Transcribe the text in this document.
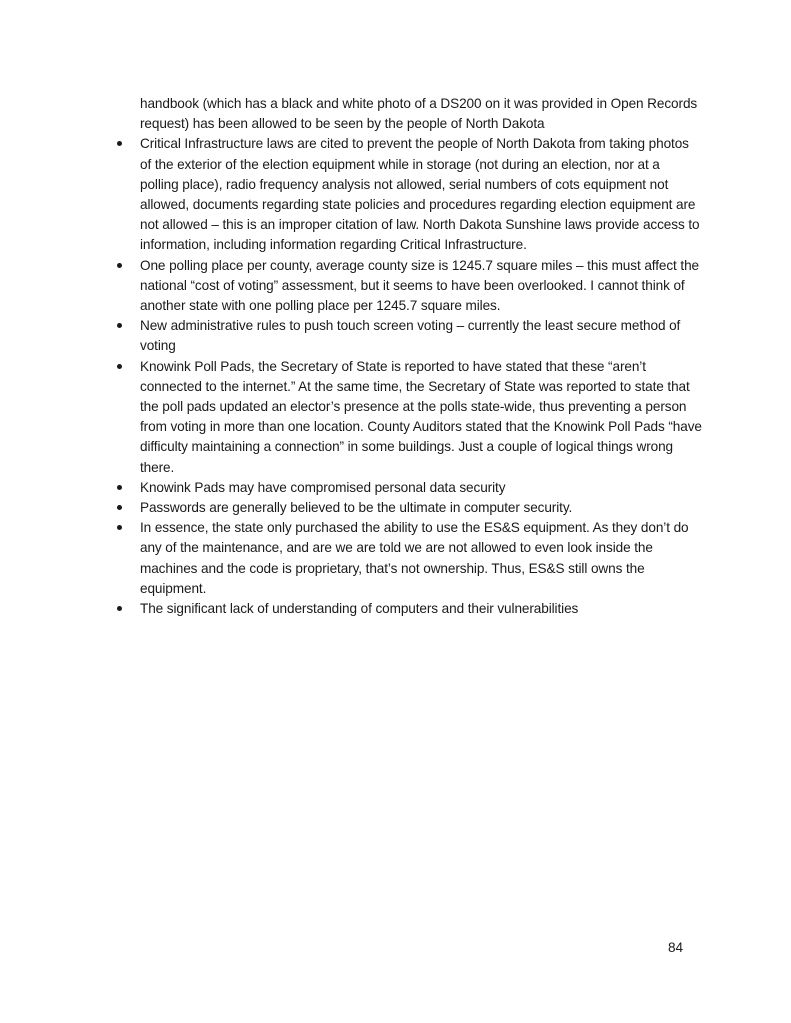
handbook (which has a black and white photo of a DS200 on it was provided in Open Records request) has been allowed to be seen by the people of North Dakota

Critical Infrastructure laws are cited to prevent the people of North Dakota from taking photos of the exterior of the election equipment while in storage (not during an election, nor at a polling place), radio frequency analysis not allowed, serial numbers of cots equipment not allowed, documents regarding state policies and procedures regarding election equipment are not allowed – this is an improper citation of law. North Dakota Sunshine laws provide access to information, including information regarding Critical Infrastructure.
One polling place per county, average county size is 1245.7 square miles – this must affect the national “cost of voting” assessment, but it seems to have been overlooked. I cannot think of another state with one polling place per 1245.7 square miles.
New administrative rules to push touch screen voting – currently the least secure method of voting
Knowink Poll Pads, the Secretary of State is reported to have stated that these “aren’t connected to the internet.” At the same time, the Secretary of State was reported to state that the poll pads updated an elector’s presence at the polls state-wide, thus preventing a person from voting in more than one location. County Auditors stated that the Knowink Poll Pads “have difficulty maintaining a connection” in some buildings. Just a couple of logical things wrong there.
Knowink Pads may have compromised personal data security
Passwords are generally believed to be the ultimate in computer security.
In essence, the state only purchased the ability to use the ES&S equipment. As they don’t do any of the maintenance, and are we are told we are not allowed to even look inside the machines and the code is proprietary, that’s not ownership. Thus, ES&S still owns the equipment.
The significant lack of understanding of computers and their vulnerabilities
84
